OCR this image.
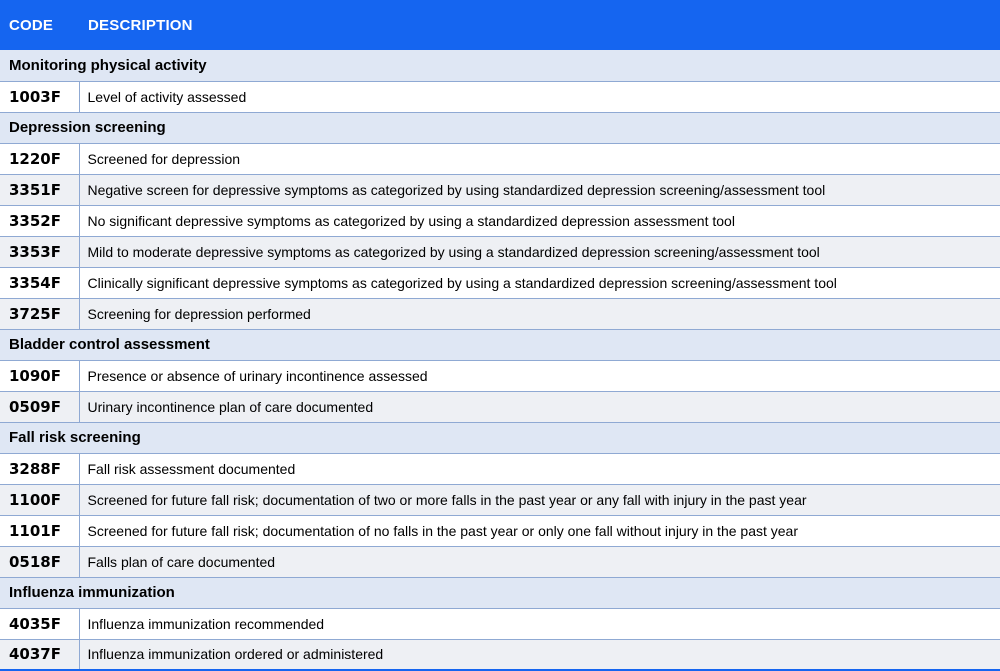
CODE	DESCRIPTION
Monitoring physical activity	
1003F	Level of activity assessed
Depression screening	
1220F	Screened for depression
3351F	Negative screen for depressive symptoms as categorized by using standardized depression screening/assessment tool
3352F	No significant depressive symptoms as categorized by using a standardized depression assessment tool
3353F	Mild to moderate depressive symptoms as categorized by using a standardized depression screening/assessment tool
3354F	Clinically significant depressive symptoms as categorized by using a standardized depression screening/assessment tool
3725F	Screening for depression performed
Bladder control assessment	
1090F	Presence or absence of urinary incontinence assessed
0509F	Urinary incontinence plan of care documented
Fall risk screening	
3288F	Fall risk assessment documented
1100F	Screened for future fall risk; documentation of two or more falls in the past year or any fall with injury in the past year
1101F	Screened for future fall risk; documentation of no falls in the past year or only one fall without injury in the past year
0518F	Falls plan of care documented
Influenza immunization	
4035F	Influenza immunization recommended
4037F	Influenza immunization ordered or administered
